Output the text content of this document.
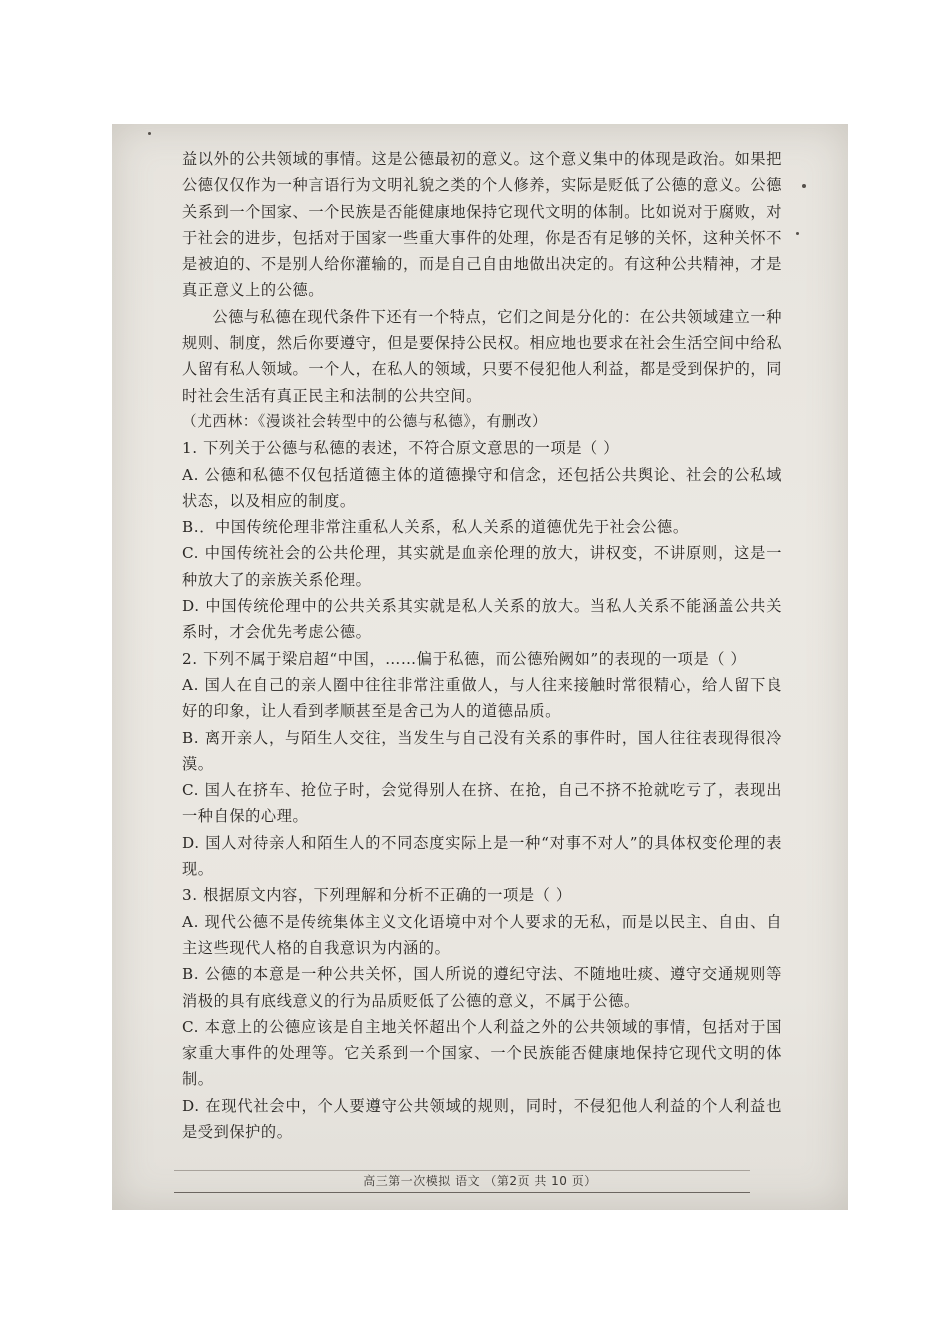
益以外的公共领域的事情。这是公德最初的意义。这个意义集中的体现是政治。如果把公德仅仅作为一种言语行为文明礼貌之类的个人修养，实际是贬低了公德的意义。公德关系到一个国家、一个民族是否能健康地保持它现代文明的体制。比如说对于腐败，对于社会的进步，包括对于国家一些重大事件的处理，你是否有足够的关怀，这种关怀不是被迫的、不是别人给你灌输的，而是自己自由地做出决定的。有这种公共精神，才是真正意义上的公德。

公德与私德在现代条件下还有一个特点，它们之间是分化的：在公共领域建立一种规则、制度，然后你要遵守，但是要保持公民权。相应地也要求在社会生活空间中给私人留有私人领域。一个人，在私人的领域，只要不侵犯他人利益，都是受到保护的，同时社会生活有真正民主和法制的公共空间。

（尤西林：《漫谈社会转型中的公德与私德》，有删改）

1. 下列关于公德与私德的表述，不符合原文意思的一项是（ ）

A. 公德和私德不仅包括道德主体的道德操守和信念，还包括公共舆论、社会的公私域状态，以及相应的制度。

B.．中国传统伦理非常注重私人关系，私人关系的道德优先于社会公德。

C. 中国传统社会的公共伦理，其实就是血亲伦理的放大，讲权变，不讲原则，这是一种放大了的亲族关系伦理。

D. 中国传统伦理中的公共关系其实就是私人关系的放大。当私人关系不能涵盖公共关系时，才会优先考虑公德。

2. 下列不属于梁启超“中国，……偏于私德，而公德殆阙如”的表现的一项是（ ）

A. 国人在自己的亲人圈中往往非常注重做人，与人往来接触时常很精心，给人留下良好的印象，让人看到孝顺甚至是舍己为人的道德品质。

B. 离开亲人，与陌生人交往，当发生与自己没有关系的事件时，国人往往表现得很冷漠。

C. 国人在挤车、抢位子时，会觉得别人在挤、在抢，自己不挤不抢就吃亏了，表现出一种自保的心理。

D. 国人对待亲人和陌生人的不同态度实际上是一种“对事不对人”的具体权变伦理的表现。

3. 根据原文内容，下列理解和分析不正确的一项是（ ）

A. 现代公德不是传统集体主义文化语境中对个人要求的无私，而是以民主、自由、自主这些现代人格的自我意识为内涵的。

B. 公德的本意是一种公共关怀，国人所说的遵纪守法、不随地吐痰、遵守交通规则等消极的具有底线意义的行为品质贬低了公德的意义，不属于公德。

C. 本意上的公德应该是自主地关怀超出个人利益之外的公共领域的事情，包括对于国家重大事件的处理等。它关系到一个国家、一个民族能否健康地保持它现代文明的体制。

D. 在现代社会中，个人要遵守公共领域的规则，同时，不侵犯他人利益的个人利益也是受到保护的。

高三第一次模拟 语文 （第2页 共 10 页）
